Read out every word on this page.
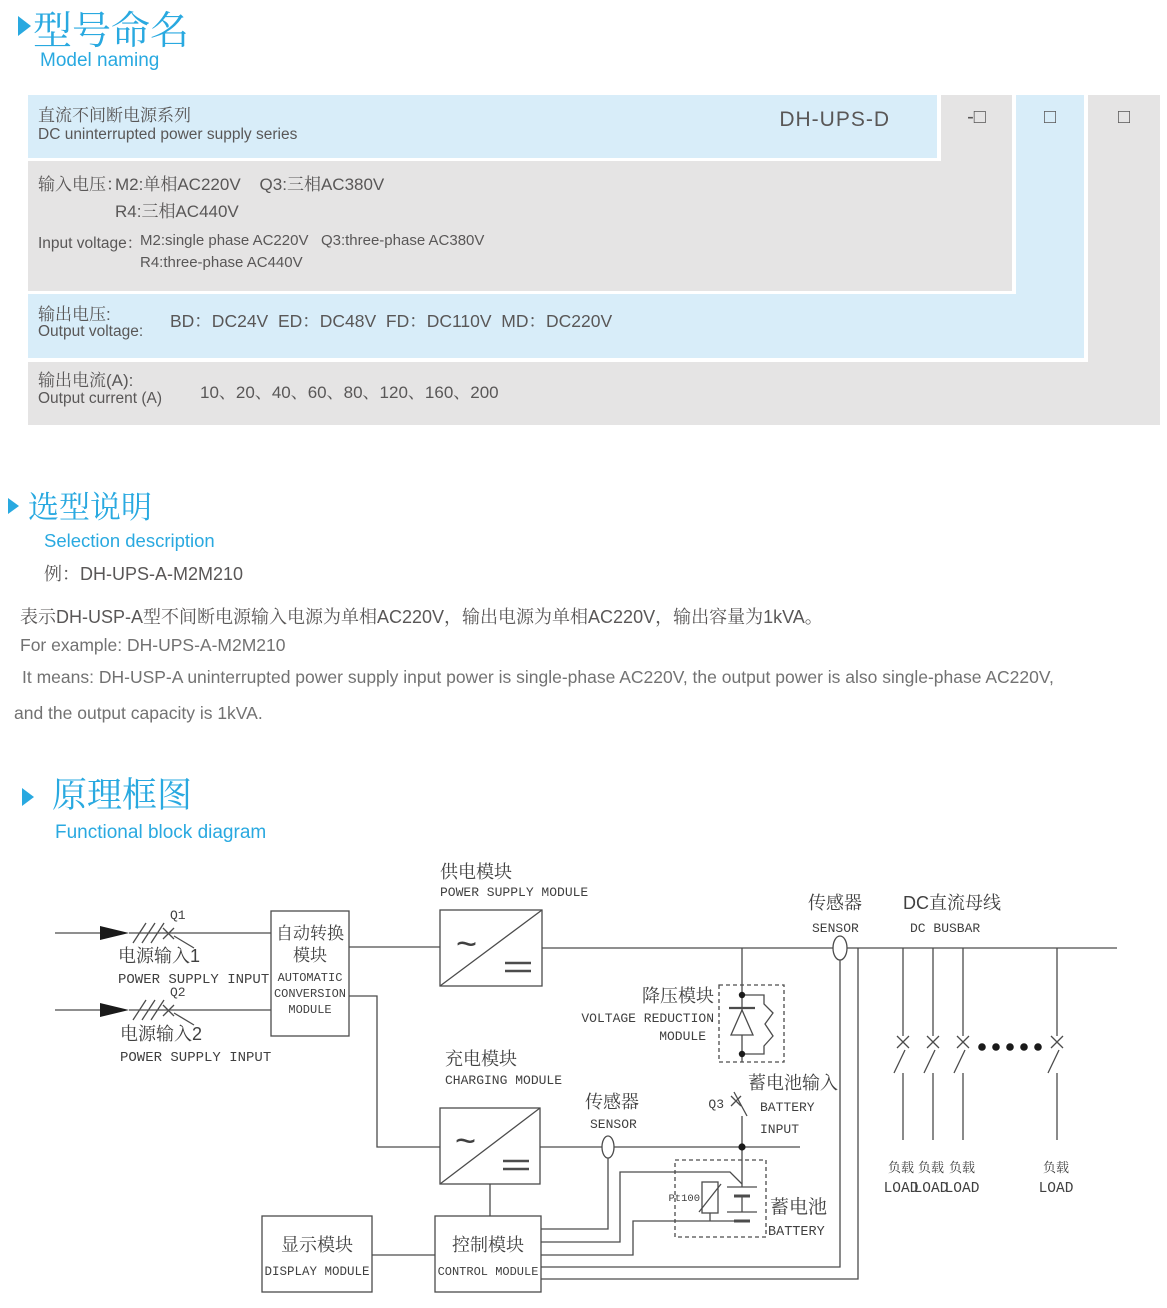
型号命名
Model naming
直流不间断电源系列
DC uninterrupted power supply series
DH-UPS-D	-□	□	□
输入电压：
M2:单相AC220V    Q3:三相AC380V
R4:三相AC440V
Input voltage：
M2:single phase AC220V   Q3:three-phase AC380V
R4:three-phase AC440V
输出电压:
Output voltage:
BD：DC24V  ED：DC48V  FD：DC110V  MD：DC220V
输出电流(A):
Output current (A) 10、20、40、60、80、120、160、200
选型说明
Selection description
例：DH-UPS-A-M2M210
表示DH-USP-A型不间断电源输入电源为单相AC220V，输出电源为单相AC220V，输出容量为1kVA。
For example: DH-UPS-A-M2M210
It means: DH-USP-A uninterrupted power supply input power is single-phase AC220V, the output power is also single-phase AC220V,
and the output capacity is 1kVA.
原理框图
Functional block diagram
Q1
Q2
电源输入1
POWER SUPPLY INPUT
电源输入2
POWER SUPPLY INPUT
自动转换
模块
AUTOMATIC
CONVERSION
MODULE
供电模块
POWER SUPPLY MODULE
~
充电模块
CHARGING MODULE
~
传感器
SENSOR
DC直流母线
DC BUSBAR
降压模块
VOLTAGE REDUCTION
MODULE
Q3
蓄电池输入
BATTERY
INPUT
传感器
SENSOR
Pt100	蓄电池
BATTERY
显示模块
DISPLAY MODULE
控制模块
CONTROL MODULE
负载 负载 负载
LOAD
LOAD
LOAD
负载
LOAD
